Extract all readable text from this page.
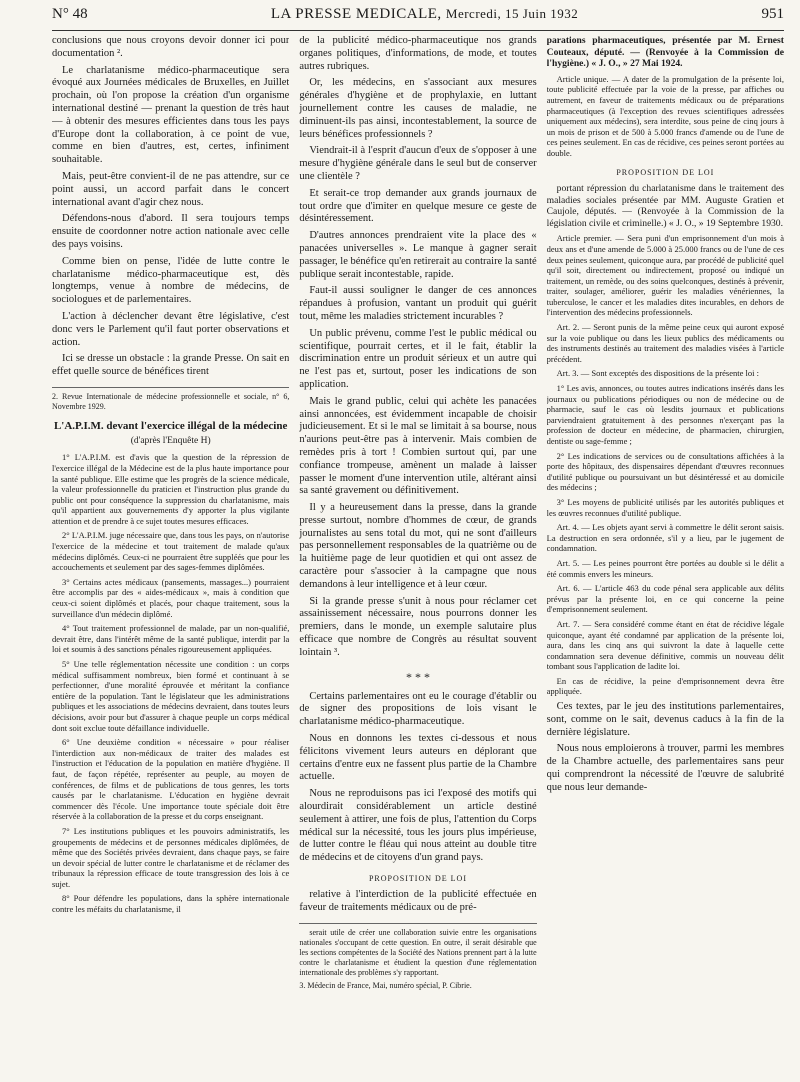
N° 48	LA PRESSE MEDICALE, Mercredi, 15 Juin 1932	951

conclusions que nous croyons devoir donner ici pour documentation ².

Le charlatanisme médico-pharmaceutique sera évoqué aux Journées médicales de Bruxelles, en Juillet prochain, où l'on propose la création d'un organisme international destiné — prenant la question de très haut — à obtenir des mesures efficientes dans tous les pays d'Europe dont la collaboration, à ce point de vue, comme en bien d'autres, est, certes, infiniment souhaitable.

Mais, peut-être convient-il de ne pas attendre, sur ce point aussi, un accord parfait dans le concert international avant d'agir chez nous.

Défendons-nous d'abord. Il sera toujours temps ensuite de coordonner notre action nationale avec celle des pays voisins.

Comme bien on pense, l'idée de lutte contre le charlatanisme médico-pharmaceutique est, dès longtemps, venue à nombre de médecins, de sociologues et de parlementaires.

L'action à déclencher devant être législative, c'est donc vers le Parlement qu'il faut porter observations et action.

Ici se dresse un obstacle : la grande Presse. On sait en effet quelle source de bénéfices tirent

2. Revue Internationale de médecine professionnelle et sociale, n° 6, Novembre 1929.
L'A.P.I.M. devant l'exercice illégal de la médecine
(d'après l'Enquête H)

1° L'A.P.I.M. est d'avis que la question de la répression de l'exercice illégal de la Médecine est de la plus haute importance pour la santé publique. Elle estime que les progrès de la science médicale, la valeur professionnelle du praticien et l'instruction plus grande du public ont pour conséquence la suppression du charlatanisme, mais qu'il appartient aux gouvernements d'y apporter la plus vigilante attention et de prendre à ce sujet toutes mesures efficaces.

2° L'A.P.I.M. juge nécessaire que, dans tous les pays, on n'autorise l'exercice de la médecine et tout traitement de malade qu'aux médecins diplômés. Ceux-ci ne pourraient être suppléés que pour les accouchements et seulement par des sages-femmes diplômées.

3° Certains actes médicaux (pansements, massages...) pourraient être accomplis par des « aides-médicaux », mais à condition que ceux-ci soient diplômés et placés, pour chaque traitement, sous la surveillance d'un médecin diplômé.

4° Tout traitement professionnel de malade, par un non-qualifié, devrait être, dans l'intérêt même de la santé publique, interdit par la loi et soumis à des sanctions pénales rigoureusement appliquées.

5° Une telle réglementation nécessite une condition : un corps médical suffisamment nombreux, bien formé et continuant à se perfectionner, d'une moralité éprouvée et méritant la confiance entière de la population. Tant le législateur que les administrations publiques et les associations de médecins devraient, dans toutes leurs décisions, avoir pour but d'assurer à chaque peuple un corps médical dont soit exclue toute défaillance individuelle.

6° Une deuxième condition « nécessaire » pour réaliser l'interdiction aux non-médicaux de traiter des malades est l'instruction et l'éducation de la population en matière d'hygiène. Il faut, de façon répétée, représenter au peuple, au moyen de conférences, de films et de publications de tous genres, les torts causés par le charlatanisme. L'éducation en hygiène devrait commencer dès l'école. Une importance toute spéciale doit être réservée à la collaboration de la presse et du corps enseignant.

7° Les institutions publiques et les pouvoirs administratifs, les groupements de médecins et de personnes médicales diplômées, de même que des Sociétés privées devraient, dans chaque pays, se faire un devoir spécial de lutter contre le charlatanisme et de réclamer des tribunaux la répression efficace de toute transgression des lois à ce sujet.

8° Pour défendre les populations, dans la sphère internationale contre les méfaits du charlatanisme, il

de la publicité médico-pharmaceutique nos grands organes politiques, d'informations, de mode, et toutes autres rubriques.

Or, les médecins, en s'associant aux mesures générales d'hygiène et de prophylaxie, en luttant journellement contre les causes de maladie, ne diminuent-ils pas ainsi, incontestablement, la source de leurs bénéfices professionnels ?

Viendrait-il à l'esprit d'aucun d'eux de s'opposer à une mesure d'hygiène générale dans le seul but de conserver une clientèle ?

Et serait-ce trop demander aux grands journaux de tout ordre que d'imiter en quelque mesure ce geste de désintéressement.

D'autres annonces prendraient vite la place des « panacées universelles ». Le manque à gagner serait passager, le bénéfice qu'en retirerait au contraire la santé publique serait incontestable, rapide.

Faut-il aussi souligner le danger de ces annonces répandues à profusion, vantant un produit qui guérit tout, même les maladies strictement incurables ?

Un public prévenu, comme l'est le public médical ou scientifique, pourrait certes, et il le fait, établir la discrimination entre un produit sérieux et un autre qui ne l'est pas et, surtout, poser les indications de son application.

Mais le grand public, celui qui achète les panacées ainsi annoncées, est évidemment incapable de choisir judicieusement. Et si le mal se limitait à sa bourse, nous n'aurions peut-être pas à intervenir. Mais combien de remèdes pris à tort ! Combien surtout qui, par une confiance trompeuse, amènent un malade à laisser passer le moment d'une intervention utile, altérant ainsi sa santé gravement ou définitivement.

Il y a heureusement dans la presse, dans la grande presse surtout, nombre d'hommes de cœur, de grands journalistes au sens total du mot, qui ne sont d'ailleurs pas personnellement responsables de la quatrième ou de la huitième page de leur quotidien et qui ont assez de caractère pour s'associer à la campagne que nous demandons à leur intelligence et à leur cœur.

Si la grande presse s'unit à nous pour réclamer cet assainissement nécessaire, nous pourrons donner les premiers, dans le monde, un exemple salutaire plus efficace que nombre de Congrès au résultat souvent lointain ³.

* * *

Certains parlementaires ont eu le courage d'établir ou de signer des propositions de lois visant le charlatanisme médico-pharmaceutique.

Nous en donnons les textes ci-dessous et nous félicitons vivement leurs auteurs en déplorant que certains d'entre eux ne fassent plus partie de la Chambre actuelle.

Nous ne reproduisons pas ici l'exposé des motifs qui alourdirait considérablement un article destiné seulement à attirer, une fois de plus, l'attention du Corps médical sur la nécessité, tous les jours plus impérieuse, de lutter contre le fléau qui nous atteint au double titre de médecins et de citoyens d'un grand pays.

PROPOSITION DE LOI

relative à l'interdiction de la publicité effectuée en faveur de traitements médicaux ou de pré-

serait utile de créer une collaboration suivie entre les organisations nationales s'occupant de cette question. En outre, il serait désirable que les sections compétentes de la Société des Nations prennent part à la lutte contre le charlatanisme et étudient la question d'une réglementation internationale des problèmes s'y rapportant.
3. Médecin de France, Mai, numéro spécial, P. Cibrie.

parations pharmaceutiques, présentée par M. Ernest Couteaux, député. — (Renvoyée à la Commission de l'hygiène.) « J. O., » 27 Mai 1924.

Article unique. — A dater de la promulgation de la présente loi, toute publicité effectuée par la voie de la presse, par affiches ou autrement, en faveur de traitements médicaux ou de préparations pharmaceutiques (à l'exception des revues scientifiques adressées uniquement aux médecins), sera interdite, sous peine de cinq jours à un mois de prison et de 500 à 5.000 francs d'amende ou de l'une de ces peines seulement. En cas de récidive, ces peines seront portées au double.

PROPOSITION DE LOI

portant répression du charlatanisme dans le traitement des maladies sociales présentée par MM. Auguste Gratien et Caujole, députés. — (Renvoyée à la Commission de la législation civile et criminelle.) « J. O., » 19 Septembre 1930.

Article premier. — Sera puni d'un emprisonnement d'un mois à deux ans et d'une amende de 5.000 à 25.000 francs ou de l'une de ces deux peines seulement, quiconque aura, par procédé de publicité quel qu'il soit, directement ou indirectement, proposé ou indiqué un traitement, un remède, ou des soins quelconques, destinés à prévenir, traiter, soulager, améliorer, guérir les maladies vénériennes, la tuberculose, le cancer et les maladies dites incurables, en dehors de l'intervention des médecins professionnels.

Art. 2. — Seront punis de la même peine ceux qui auront exposé sur la voie publique ou dans les lieux publics des médicaments ou des instruments destinés au traitement des maladies visées à l'article précédent.

Art. 3. — Sont exceptés des dispositions de la présente loi :

1° Les avis, annonces, ou toutes autres indications insérés dans les journaux ou publications périodiques ou non de médecine ou de pharmacie, sauf le cas où lesdits journaux et publications parviendraient gratuitement à des personnes n'exerçant pas la profession de docteur en médecine, de pharmacien, chirurgien, dentiste ou sage-femme ;

2° Les indications de services ou de consultations affichées à la porte des hôpitaux, des dispensaires dépendant d'œuvres reconnues d'utilité publique ou poursuivant un but désintéressé et au domicile des médecins ;

3° Les moyens de publicité utilisés par les autorités publiques et les œuvres reconnues d'utilité publique.

Art. 4. — Les objets ayant servi à commettre le délit seront saisis. La destruction en sera ordonnée, s'il y a lieu, par le jugement de condamnation.

Art. 5. — Les peines pourront être portées au double si le délit a été commis envers les mineurs.

Art. 6. — L'article 463 du code pénal sera applicable aux délits prévus par la présente loi, en ce qui concerne la peine d'emprisonnement seulement.

Art. 7. — Sera considéré comme étant en état de récidive légale quiconque, ayant été condamné par application de la présente loi, aura, dans les cinq ans qui suivront la date à laquelle cette condamnation sera devenue définitive, commis un nouveau délit tombant sous l'application de ladite loi.

En cas de récidive, la peine d'emprisonnement devra être appliquée.

Ces textes, par le jeu des institutions parlementaires, sont, comme on le sait, devenus caducs à la fin de la dernière législature.

Nous nous emploierons à trouver, parmi les membres de la Chambre actuelle, des parlementaires sans peur qui comprendront la nécessité de l'œuvre de salubrité que nous leur demande-
